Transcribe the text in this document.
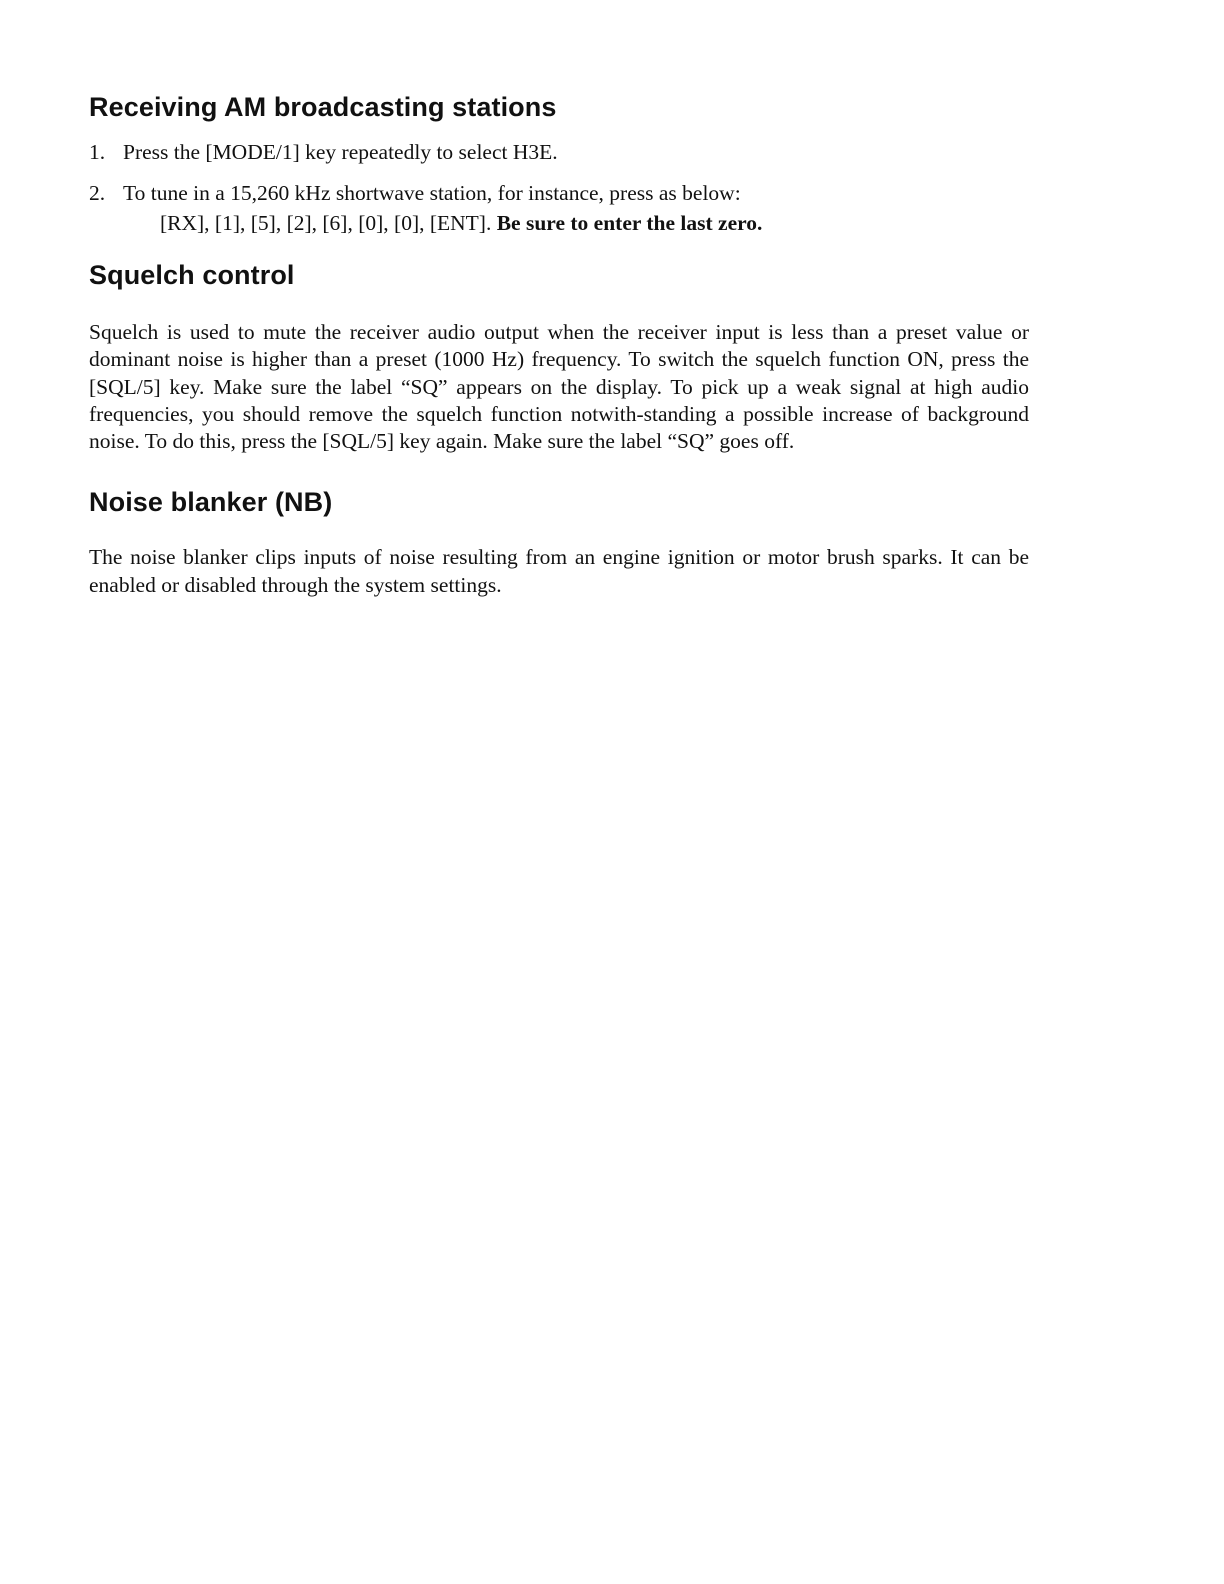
Receiving AM broadcasting stations
1. Press the [MODE/1] key repeatedly to select H3E.
2. To tune in a 15,260 kHz shortwave station, for instance, press as below:
[RX], [1], [5], [2], [6], [0], [0], [ENT]. Be sure to enter the last zero.
Squelch control

Squelch is used to mute the receiver audio output when the receiver input is less than a preset value or dominant noise is higher than a preset (1000 Hz) frequency. To switch the squelch function ON, press the [SQL/5] key. Make sure the label “SQ” appears on the display. To pick up a weak signal at high audio frequencies, you should remove the squelch function notwith-standing a possible increase of background noise. To do this, press the [SQL/5] key again. Make sure the label “SQ” goes off.

Noise blanker (NB)

The noise blanker clips inputs of noise resulting from an engine ignition or motor brush sparks. It can be enabled or disabled through the system settings.
